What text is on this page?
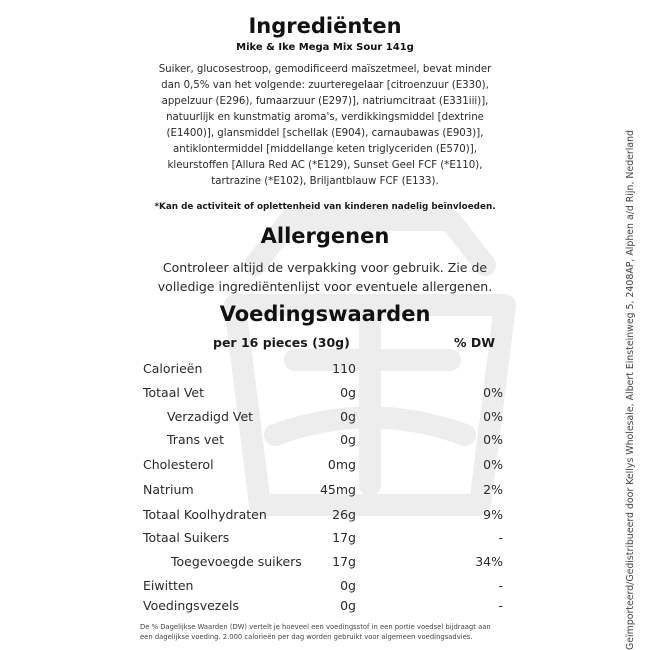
Ingrediënten
Mike & Ike Mega Mix Sour 141g
Suiker, glucosestroop, gemodificeerd maïszetmeel, bevat minder
dan 0,5% van het volgende: zuurteregelaar [citroenzuur (E330),
appelzuur (E296), fumaarzuur (E297)], natriumcitraat (E331iii)],
natuurlijk en kunstmatig aroma's, verdikkingsmiddel [dextrine
(E1400)], glansmiddel [schellak (E904), carnaubawas (E903)],
antiklontermiddel [middellange keten triglyceriden (E570)],
kleurstoffen [Allura Red AC (*E129), Sunset Geel FCF (*E110),
tartrazine (*E102), Briljantblauw FCF (E133).
*Kan de activiteit of oplettenheid van kinderen nadelig beïnvloeden.
Allergenen
Controleer altijd de verpakking voor gebruik. Zie de
volledige ingrediëntenlijst voor eventuele allergenen.
Voedingswaarden
per 16 pieces (30g)	% DW
Calorieën	110
Totaal Vet	0g	0%
Verzadigd Vet	0g	0%
Trans vet	0g	0%
Cholesterol	0mg	0%
Natrium	45mg	2%
Totaal Koolhydraten	26g	9%
Totaal Suikers	17g	-
Toegevoegde suikers	17g	34%
Eiwitten	0g	-
Voedingsvezels	0g	-
De % Dagelijkse Waarden (DW) vertelt je hoeveel een voedingsstof in een portie voedsel bijdraagt aan
een dagelijkse voeding. 2.000 calorieën per dag worden gebruikt voor algemeen voedingsadvies.	Geïmporteerd/Gedistribueerd door Kellys Wholesale, Albert Einsteinweg 5, 2408AP, Alphen a/d Rijn, Nederland
